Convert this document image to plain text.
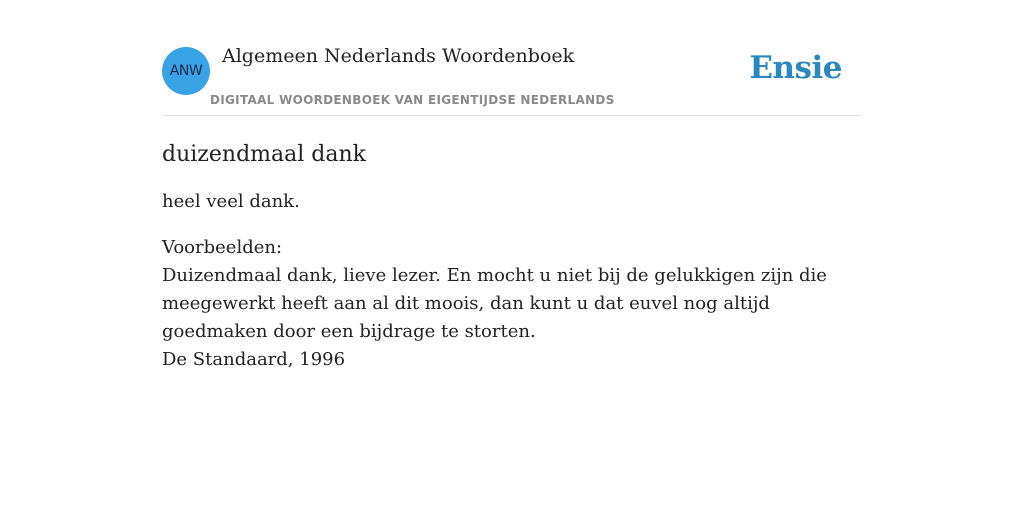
ANW
Algemeen Nederlands Woordenboek
DIGITAAL WOORDENBOEK VAN EIGENTIJDSE NEDERLANDS
Ensie
duizendmaal dank

heel veel dank.

Voorbeelden:
Duizendmaal dank, lieve lezer. En mocht u niet bij de gelukkigen zijn die meegewerkt heeft aan al dit moois, dan kunt u dat euvel nog altijd goedmaken door een bijdrage te storten.
De Standaard, 1996
